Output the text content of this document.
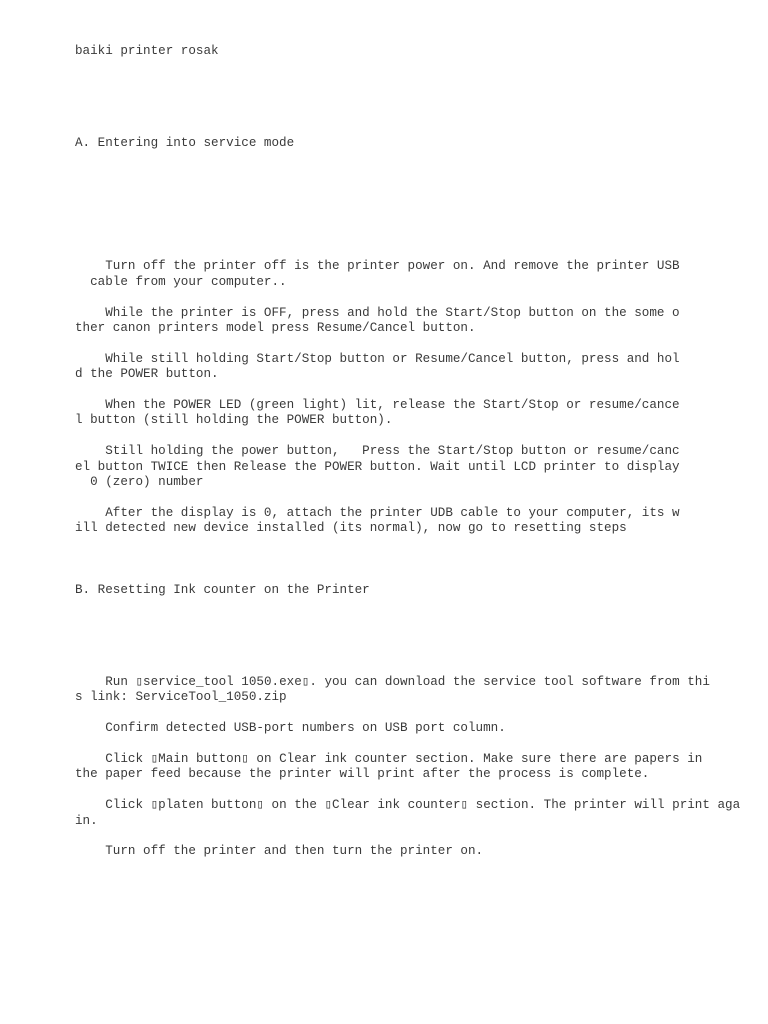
baiki printer rosak

A. Entering into service mode

Turn off the printer off is the printer power on. And remove the printer USB
cable from your computer..
While the printer is OFF, press and hold the Start/Stop button on the some o
ther canon printers model press Resume/Cancel button.
While still holding Start/Stop button or Resume/Cancel button, press and hol
d the POWER button.
When the POWER LED (green light) lit, release the Start/Stop or resume/cance
l button (still holding the POWER button).
Still holding the power button,   Press the Start/Stop button or resume/canc
el button TWICE then Release the POWER button. Wait until LCD printer to display
0 (zero) number
After the display is 0, attach the printer UDB cable to your computer, its w
ill detected new device installed (its normal), now go to resetting steps

B. Resetting Ink counter on the Printer

Run ▯service_tool 1050.exe▯. you can download the service tool software from thi
s link: ServiceTool_1050.zip
Confirm detected USB-port numbers on USB port column.
Click ▯Main button▯ on Clear ink counter section. Make sure there are papers in
the paper feed because the printer will print after the process is complete.
Click ▯platen button▯ on the ▯Clear ink counter▯ section. The printer will print aga
in.
Turn off the printer and then turn the printer on.
